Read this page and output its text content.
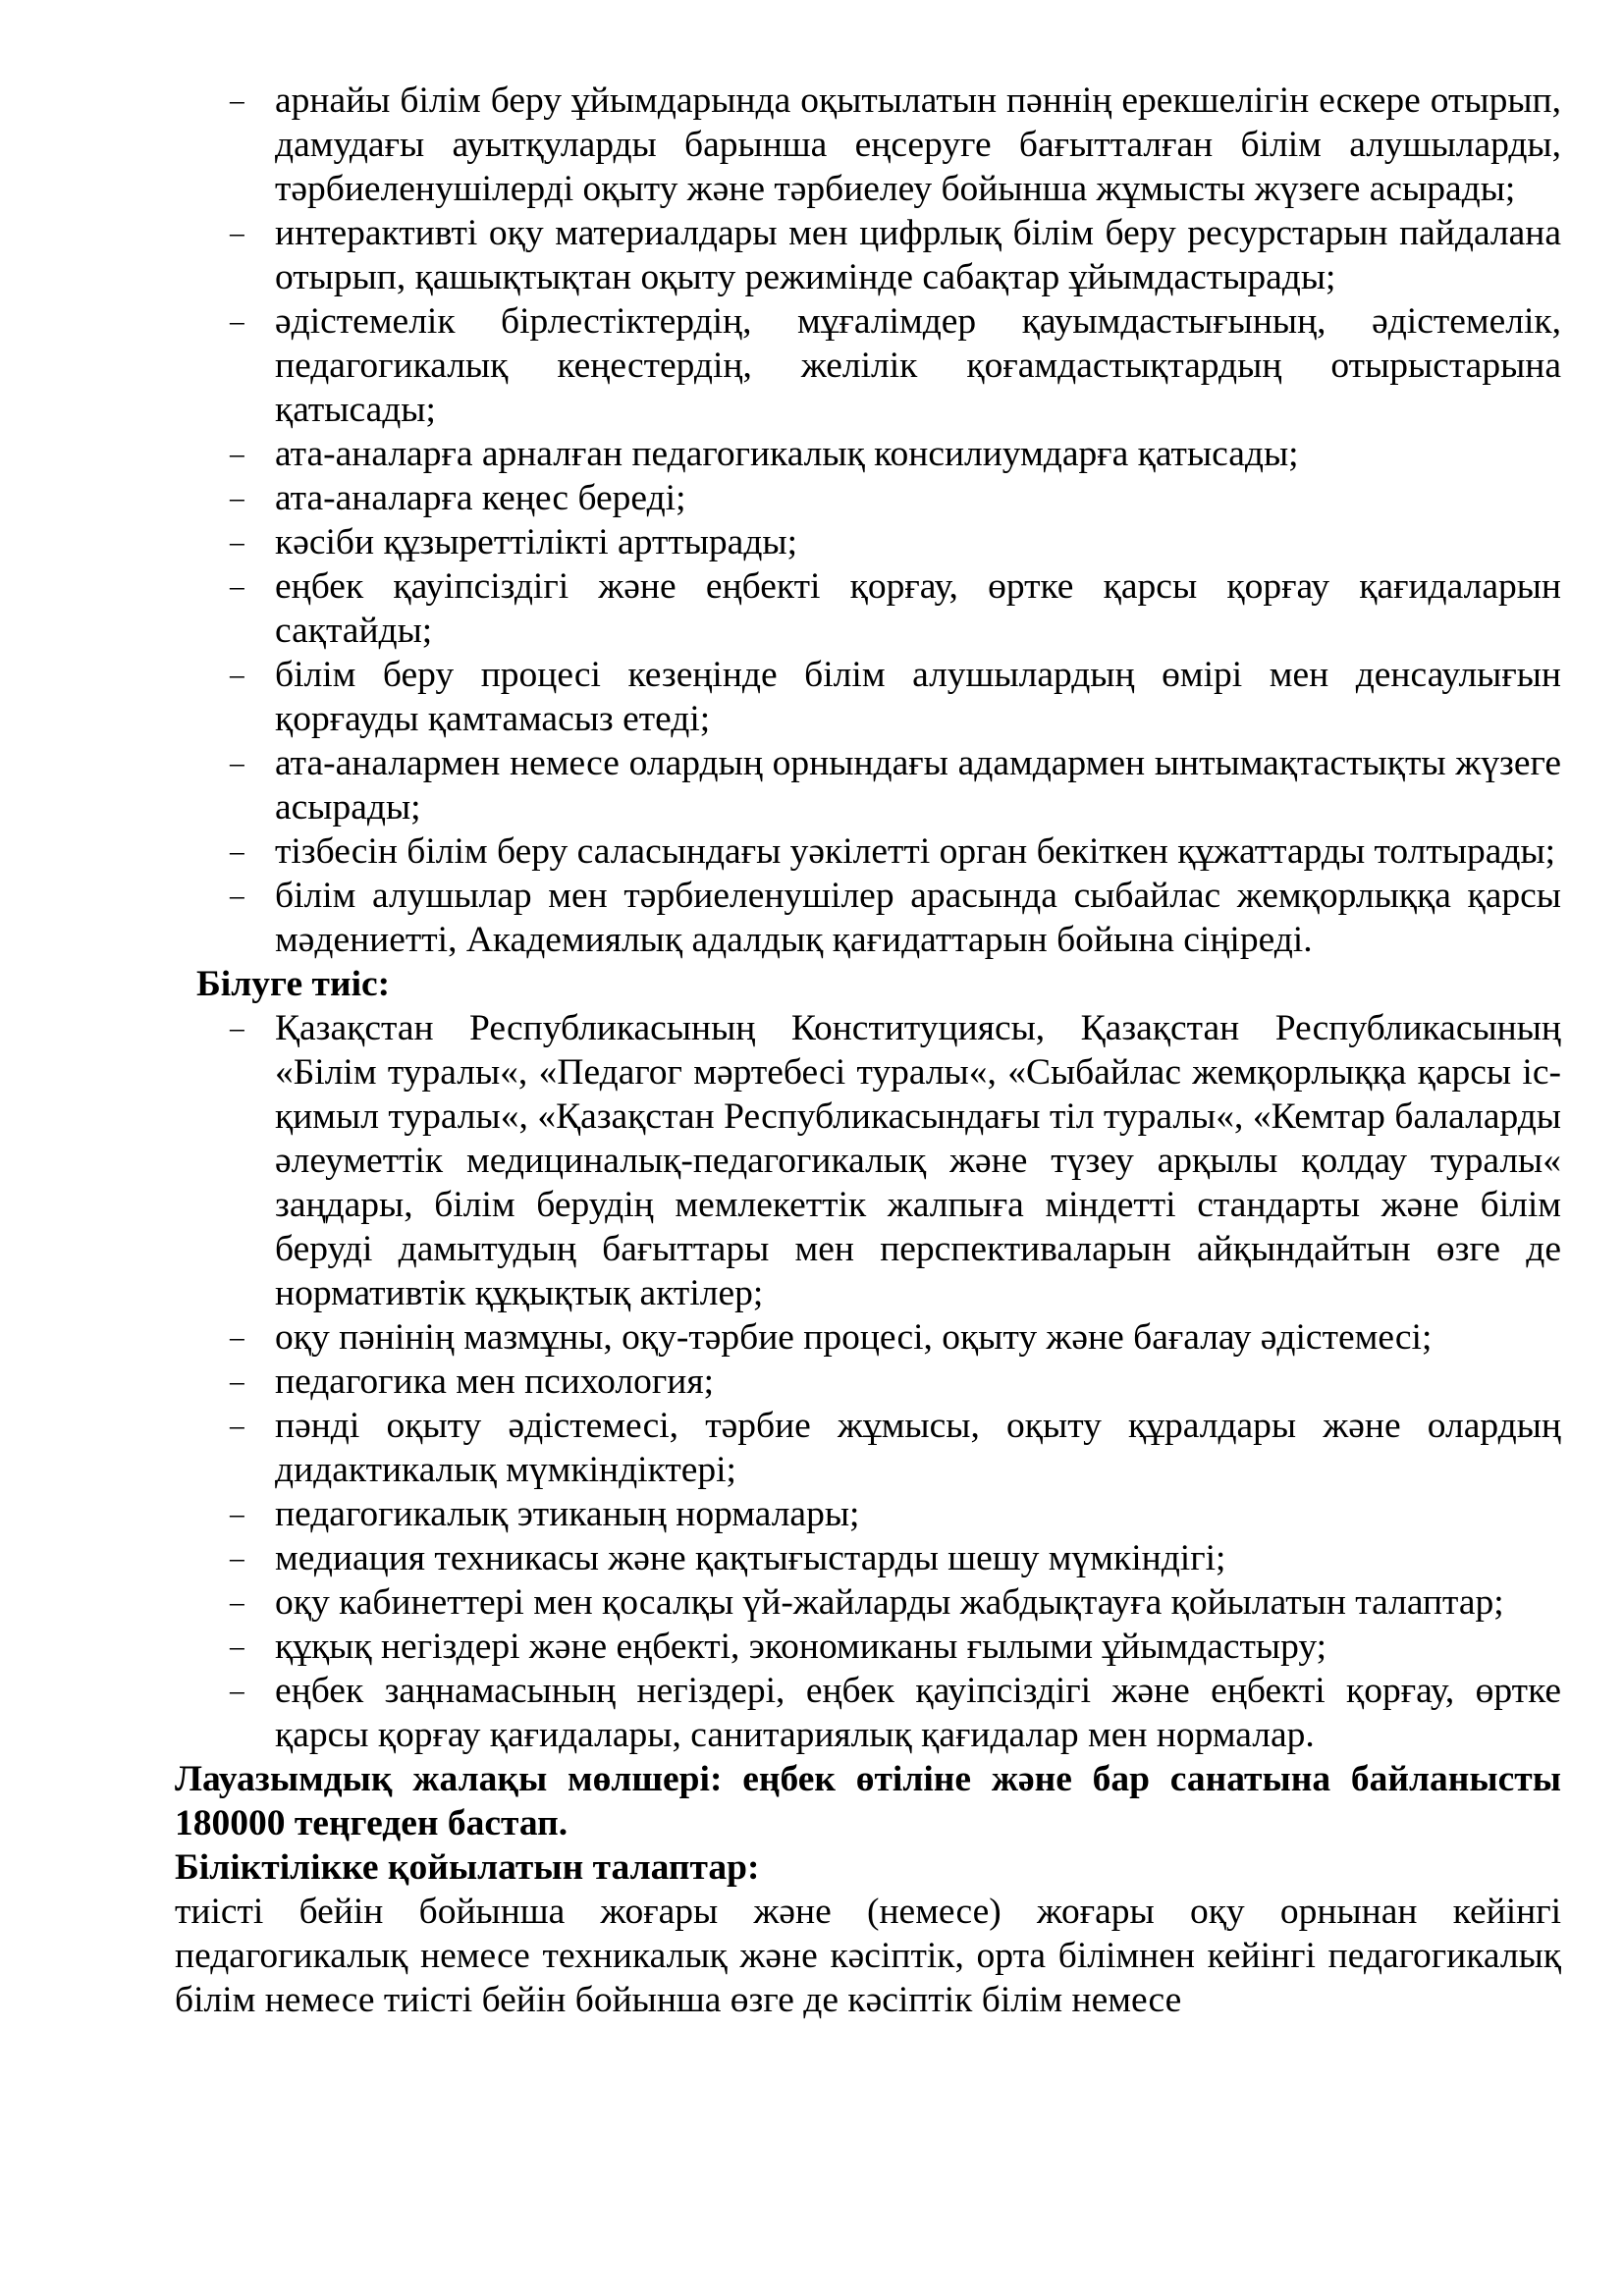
– арнайы білім беру ұйымдарында оқытылатын пәннің ерекшелігін ескере отырып, дамудағы ауытқуларды барынша еңсеруге бағытталған білім алушыларды, тәрбиеленушілерді оқыту және тәрбиелеу бойынша жұмысты жүзеге асырады;
– интерактивті оқу материалдары мен цифрлық білім беру ресурстарын пайдалана отырып, қашықтықтан оқыту режимінде сабақтар ұйымдастырады;
– әдістемелік бірлестіктердің, мұғалімдер қауымдастығының, әдістемелік, педагогикалық кеңестердің, желілік қоғамдастықтардың отырыстарына қатысады;
– ата-аналарға арналған педагогикалық консилиумдарға қатысады;
– ата-аналарға кеңес береді;
– кәсіби құзыреттілікті арттырады;
– еңбек қауіпсіздігі және еңбекті қорғау, өртке қарсы қорғау қағидаларын сақтайды;
– білім беру процесі кезеңінде білім алушылардың өмірі мен денсаулығын қорғауды қамтамасыз етеді;
– ата-аналармен немесе олардың орнындағы адамдармен ынтымақтастықты жүзеге асырады;
– тізбесін білім беру саласындағы уәкілетті орган бекіткен құжаттарды толтырады;
– білім алушылар мен тәрбиеленушілер арасында сыбайлас жемқорлыққа қарсы мәдениетті, Академиялық адалдық қағидаттарын бойына сіңіреді.
Білуге тиіс:
– Қазақстан Республикасының Конституциясы, Қазақстан Республикасының «Білім туралы«, «Педагог мәртебесі туралы«, «Сыбайлас жемқорлыққа қарсы іс-қимыл туралы«, «Қазақстан Республикасындағы тіл туралы«, «Кемтар балаларды әлеуметтік медициналық-педагогикалық және түзеу арқылы қолдау туралы« заңдары, білім берудің мемлекеттік жалпыға міндетті стандарты және білім беруді дамытудың бағыттары мен перспективаларын айқындайтын өзге де нормативтік құқықтық актілер;
– оқу пәнінің мазмұны, оқу-тәрбие процесі, оқыту және бағалау әдістемесі;
– педагогика мен психология;
– пәнді оқыту әдістемесі, тәрбие жұмысы, оқыту құралдары және олардың дидактикалық мүмкіндіктері;
– педагогикалық этиканың нормалары;
– медиация техникасы және қақтығыстарды шешу мүмкіндігі;
– оқу кабинеттері мен қосалқы үй-жайларды жабдықтауға қойылатын талаптар;
– құқық негіздері және еңбекті, экономиканы ғылыми ұйымдастыру;
– еңбек заңнамасының негіздері, еңбек қауіпсіздігі және еңбекті қорғау, өртке қарсы қорғау қағидалары, санитариялық қағидалар мен нормалар.
Лауазымдық жалақы мөлшері: еңбек өтіліне және бар санатына байланысты 180000 теңгеден бастап.
Біліктілікке қойылатын талаптар:
тиісті бейін бойынша жоғары және (немесе) жоғары оқу орнынан кейінгі педагогикалық немесе техникалық және кәсіптік, орта білімнен кейінгі педагогикалық білім немесе тиісті бейін бойынша өзге де кәсіптік білім немесе
